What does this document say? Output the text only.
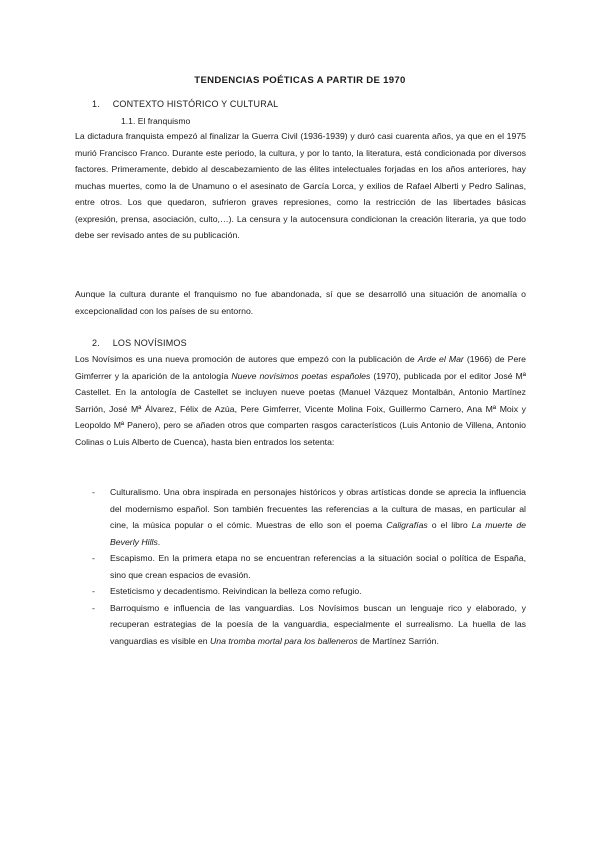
TENDENCIAS POÉTICAS A PARTIR DE 1970
1. CONTEXTO HISTÓRICO Y CULTURAL
1.1. El franquismo

La dictadura franquista empezó al finalizar la Guerra Civil (1936-1939) y duró casi cuarenta años, ya que en el 1975 murió Francisco Franco. Durante este periodo, la cultura, y por lo tanto, la literatura, está condicionada por diversos factores. Primeramente, debido al descabezamiento de las élites intelectuales forjadas en los años anteriores, hay muchas muertes, como la de Unamuno o el asesinato de García Lorca, y exilios de Rafael Alberti y Pedro Salinas, entre otros. Los que quedaron, sufrieron graves represiones, como la restricción de las libertades básicas (expresión, prensa, asociación, culto,…). La censura y la autocensura condicionan la creación literaria, ya que todo debe ser revisado antes de su publicación.

Aunque la cultura durante el franquismo no fue abandonada, sí que se desarrolló una situación de anomalía o excepcionalidad con los países de su entorno.

2. LOS NOVÍSIMOS

Los Novísimos es una nueva promoción de autores que empezó con la publicación de Arde el Mar (1966) de Pere Gimferrer y la aparición de la antología Nueve novísimos poetas españoles (1970), publicada por el editor José Mª Castellet. En la antología de Castellet se incluyen nueve poetas (Manuel Vázquez Montalbán, Antonio Martínez Sarrión, José Mª Álvarez, Félix de Azúa, Pere Gimferrer, Vicente Molina Foix, Guillermo Carnero, Ana Mª Moix y Leopoldo Mª Panero), pero se añaden otros que comparten rasgos característicos (Luis Antonio de Villena, Antonio Colinas o Luis Alberto de Cuenca), hasta bien entrados los setenta:

- Culturalismo. Una obra inspirada en personajes históricos y obras artísticas donde se aprecia la influencia del modernismo español. Son también frecuentes las referencias a la cultura de masas, en particular al cine, la música popular o el cómic. Muestras de ello son el poema Caligrafías o el libro La muerte de Beverly Hills.
- Escapismo. En la primera etapa no se encuentran referencias a la situación social o política de España, sino que crean espacios de evasión.
- Esteticismo y decadentismo. Reivindican la belleza como refugio.
- Barroquismo e influencia de las vanguardias. Los Novísimos buscan un lenguaje rico y elaborado, y recuperan estrategias de la poesía de la vanguardia, especialmente el surrealismo. La huella de las vanguardias es visible en Una tromba mortal para los balleneros de Martínez Sarrión.
